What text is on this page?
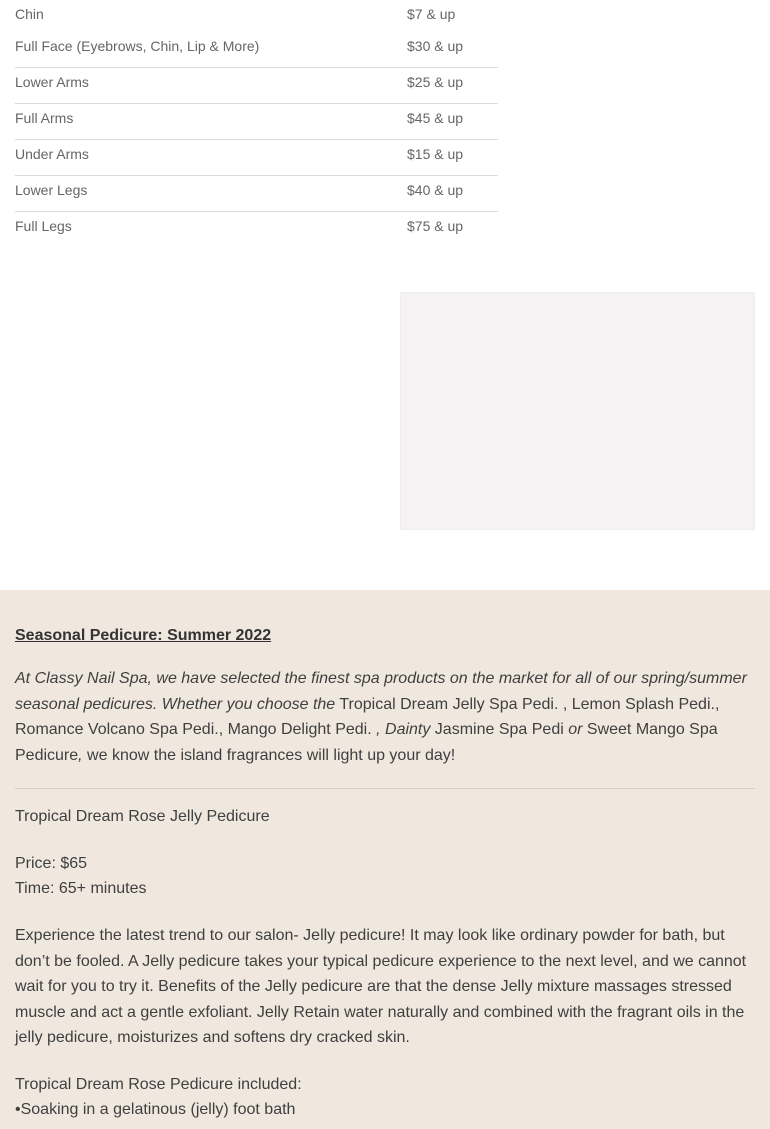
Chin	$7 & up
Full Face (Eyebrows, Chin, Lip & More)	$30 & up
Lower Arms	$25 & up
Full Arms	$45 & up
Under Arms	$15 & up
Lower Legs	$40 & up
Full Legs	$75 & up
Seasonal Pedicure: Summer 2022

At Classy Nail Spa, we have selected the finest spa products on the market for all of our spring/summer seasonal pedicures. Whether you choose the Tropical Dream Jelly Spa Pedi. , Lemon Splash Pedi., Romance Volcano Spa Pedi., Mango Delight Pedi. , Dainty Jasmine Spa Pedi or Sweet Mango Spa Pedicure, we know the island fragrances will light up your day!

Tropical Dream Rose Jelly Pedicure
Price: $65
Time: 65+ minutes

Experience the latest trend to our salon- Jelly pedicure! It may look like ordinary powder for bath, but don’t be fooled. A Jelly pedicure takes your typical pedicure experience to the next level, and we cannot wait for you to try it. Benefits of the Jelly pedicure are that the dense Jelly mixture massages stressed muscle and act a gentle exfoliant. Jelly Retain water naturally and combined with the fragrant oils in the jelly pedicure, moisturizes and softens dry cracked skin.

Tropical Dream Rose Pedicure included:
•Soaking in a gelatinous (jelly) foot bath
